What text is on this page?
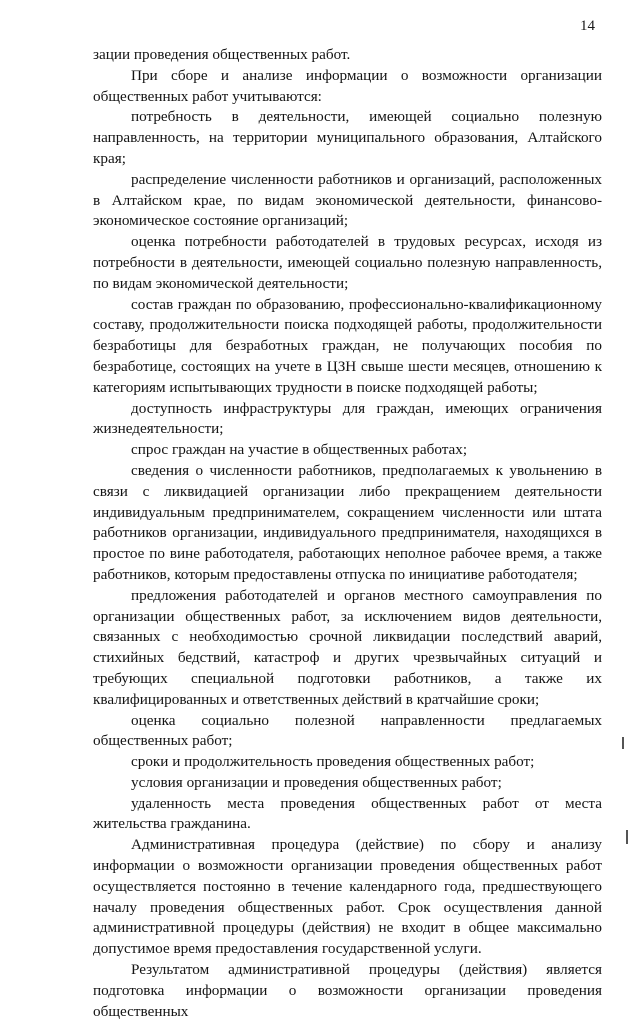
14

зации проведения общественных работ.

При сборе и анализе информации о возможности организации общественных работ учитываются:

потребность в деятельности, имеющей социально полезную направленность, на территории муниципального образования, Алтайского края;

распределение численности работников и организаций, расположенных в Алтайском крае, по видам экономической деятельности, финансово-экономическое состояние организаций;

оценка потребности работодателей в трудовых ресурсах, исходя из потребности в деятельности, имеющей социально полезную направленность, по видам экономической деятельности;

состав граждан по образованию, профессионально-квалификационному составу, продолжительности поиска подходящей работы, продолжительности безработицы для безработных граждан, не получающих пособия по безработице, состоящих на учете в ЦЗН свыше шести месяцев, отношению к категориям испытывающих трудности в поиске подходящей работы;

доступность инфраструктуры для граждан, имеющих ограничения жизнедеятельности;

спрос граждан на участие в общественных работах;

сведения о численности работников, предполагаемых к увольнению в связи с ликвидацией организации либо прекращением деятельности индивидуальным предпринимателем, сокращением численности или штата работников организации, индивидуального предпринимателя, находящихся в простое по вине работодателя, работающих неполное рабочее время, а также работников, которым предоставлены отпуска по инициативе работодателя;

предложения работодателей и органов местного самоуправления по организации общественных работ, за исключением видов деятельности, связанных с необходимостью срочной ликвидации последствий аварий, стихийных бедствий, катастроф и других чрезвычайных ситуаций и требующих специальной подготовки работников, а также их квалифицированных и ответственных действий в кратчайшие сроки;

оценка социально полезной направленности предлагаемых общественных работ;

сроки и продолжительность проведения общественных работ;

условия организации и проведения общественных работ;

удаленность места проведения общественных работ от места жительства гражданина.

Административная процедура (действие) по сбору и анализу информации о возможности организации проведения общественных работ осуществляется постоянно в течение календарного года, предшествующего началу проведения общественных работ. Срок осуществления данной административной процедуры (действия) не входит в общее максимально допустимое время предоставления государственной услуги.

Результатом административной процедуры (действия) является подготовка информации о возможности организации проведения общественных
